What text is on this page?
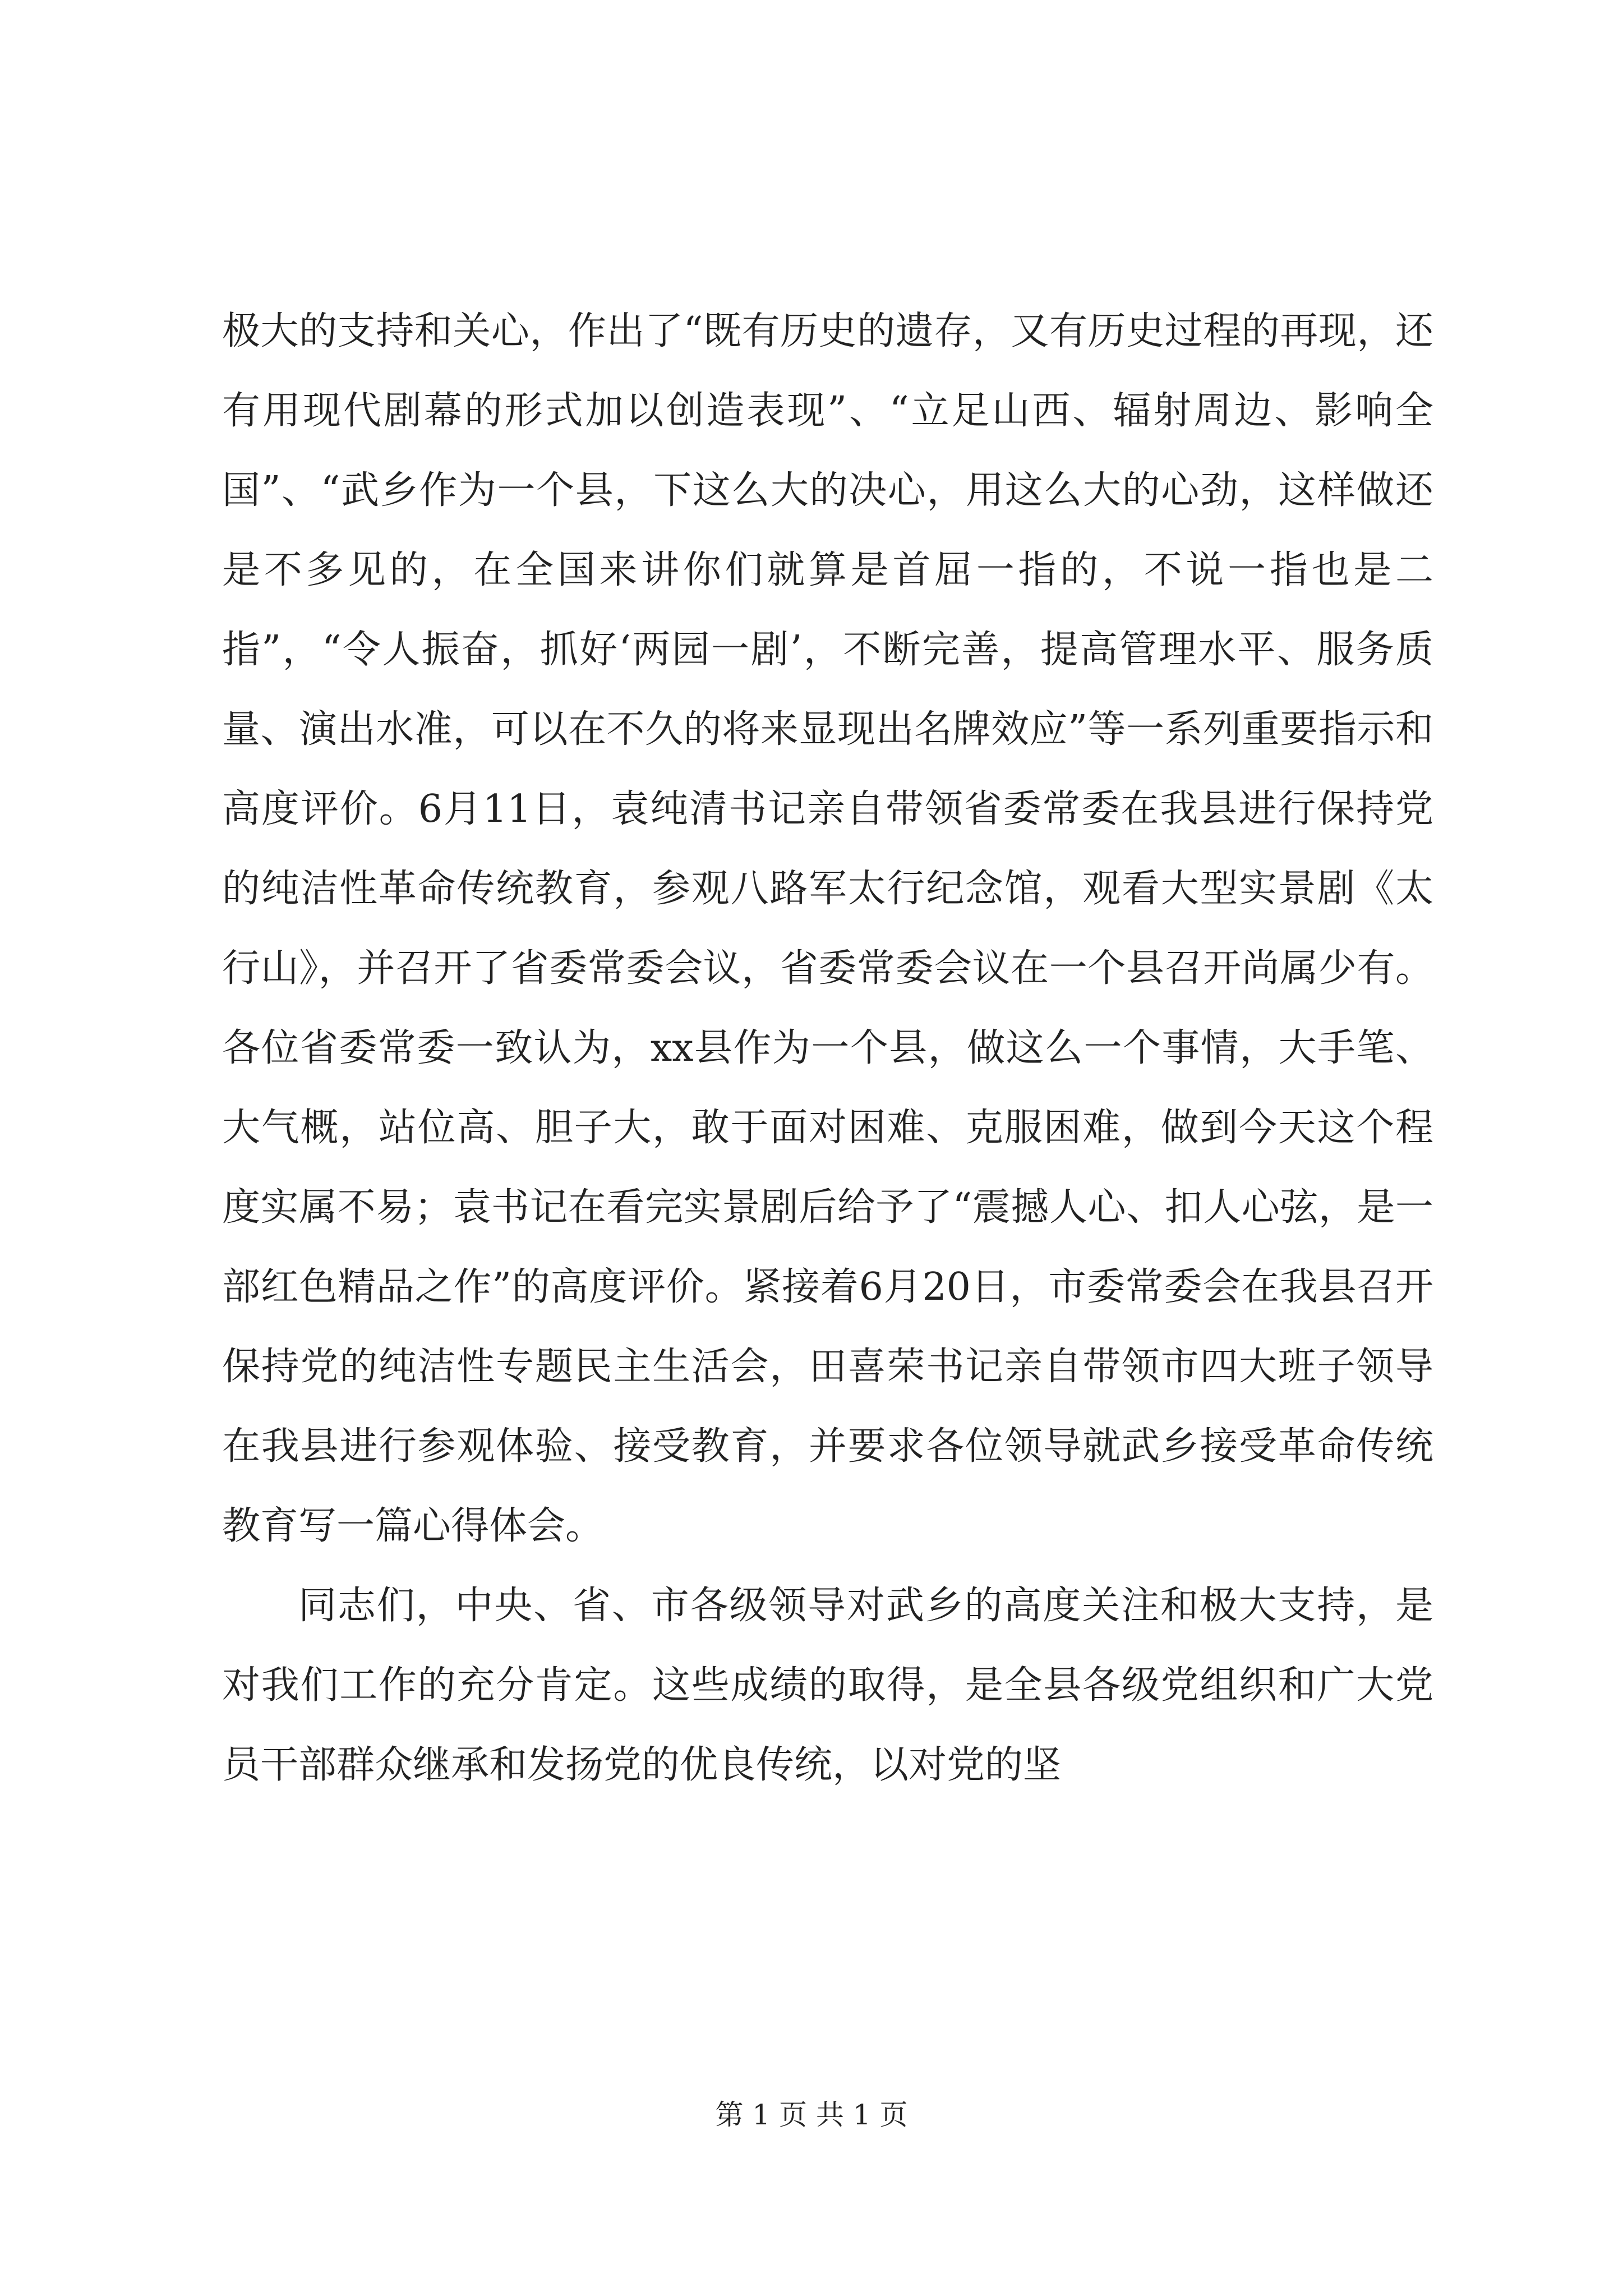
极大的支持和关心，作出了“既有历史的遗存，又有历史过程的再现，还有用现代剧幕的形式加以创造表现”、“立足山西、辐射周边、影响全国”、“武乡作为一个县，下这么大的决心，用这么大的心劲，这样做还是不多见的，在全国来讲你们就算是首屈一指的，不说一指也是二指”，“令人振奋，抓好‘两园一剧’，不断完善，提高管理水平、服务质量、演出水准，可以在不久的将来显现出名牌效应”等一系列重要指示和高度评价。6月11日，袁纯清书记亲自带领省委常委在我县进行保持党的纯洁性革命传统教育，参观八路军太行纪念馆，观看大型实景剧《太行山》，并召开了省委常委会议，省委常委会议在一个县召开尚属少有。各位省委常委一致认为，xx县作为一个县，做这么一个事情，大手笔、大气概，站位高、胆子大，敢于面对困难、克服困难，做到今天这个程度实属不易；袁书记在看完实景剧后给予了“震撼人心、扣人心弦，是一部红色精品之作”的高度评价。紧接着6月20日，市委常委会在我县召开保持党的纯洁性专题民主生活会，田喜荣书记亲自带领市四大班子领导在我县进行参观体验、接受教育，并要求各位领导就武乡接受革命传统教育写一篇心得体会。

同志们，中央、省、市各级领导对武乡的高度关注和极大支持，是对我们工作的充分肯定。这些成绩的取得，是全县各级党组织和广大党员干部群众继承和发扬党的优良传统，以对党的坚

第 1 页 共 1 页
